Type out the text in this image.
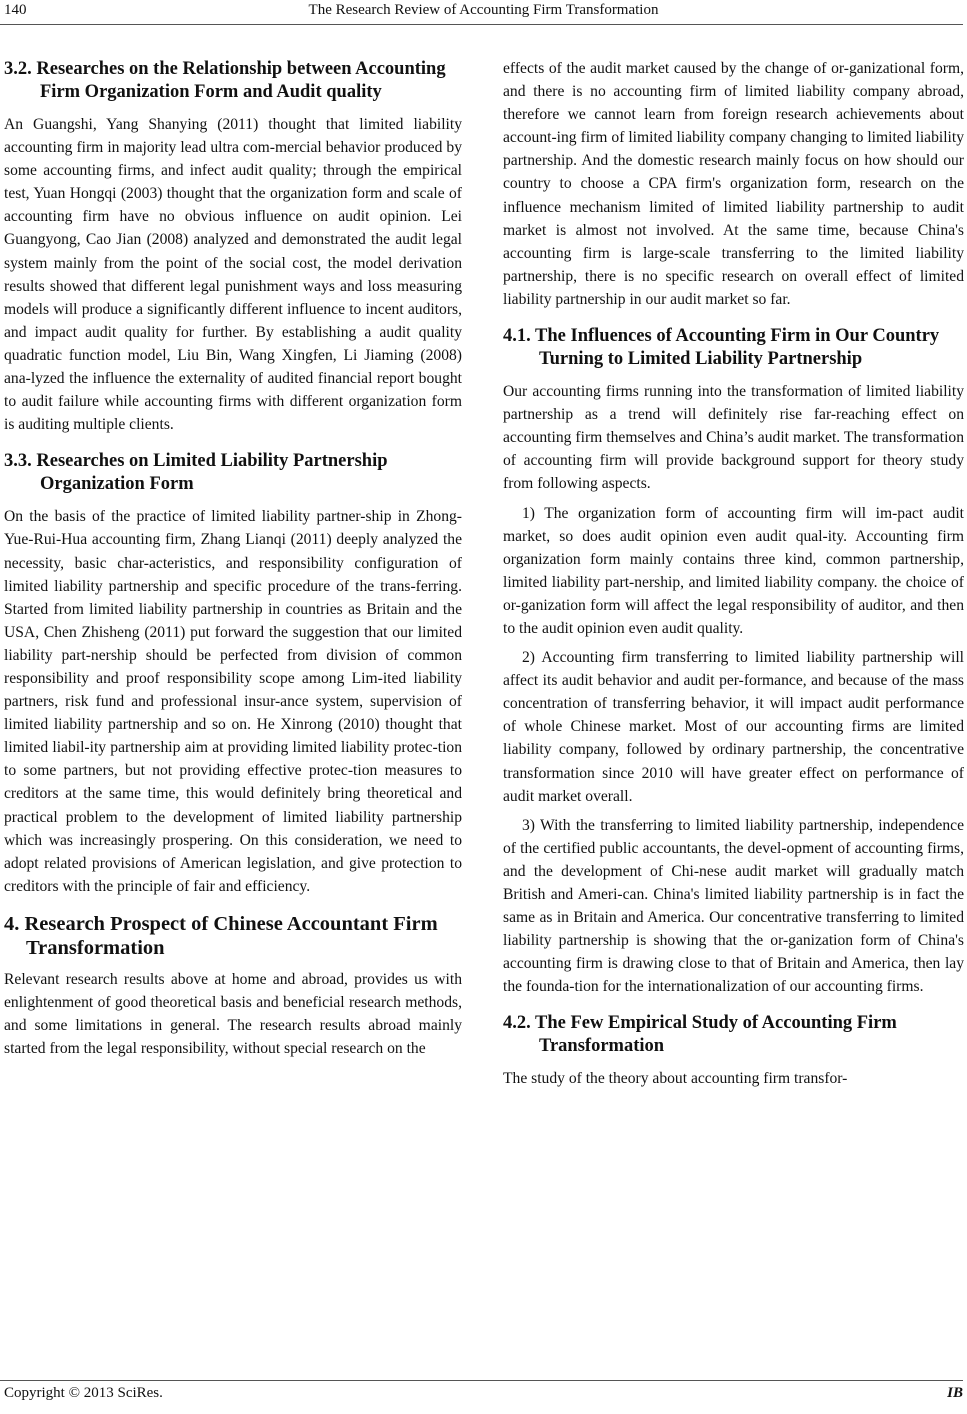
140	The Research Review of Accounting Firm Transformation
3.2. Researches on the Relationship between Accounting Firm Organization Form and Audit quality

An Guangshi, Yang Shanying (2011) thought that limited liability accounting firm in majority lead ultra com-mercial behavior produced by some accounting firms, and infect audit quality; through the empirical test, Yuan Hongqi (2003) thought that the organization form and scale of accounting firm have no obvious influence on audit opinion. Lei Guangyong, Cao Jian (2008) analyzed and demonstrated the audit legal system mainly from the point of the social cost, the model derivation results showed that different legal punishment ways and loss measuring models will produce a significantly different influence to incent auditors, and impact audit quality for further. By establishing a audit quality quadratic function model, Liu Bin, Wang Xingfen, Li Jiaming (2008) ana-lyzed the influence the externality of audited financial report bought to audit failure while accounting firms with different organization form is auditing multiple clients.

3.3. Researches on Limited Liability Partnership Organization Form

On the basis of the practice of limited liability partner-ship in Zhong-Yue-Rui-Hua accounting firm, Zhang Lianqi (2011) deeply analyzed the necessity, basic char-acteristics, and responsibility configuration of limited liability partnership and specific procedure of the trans-ferring. Started from limited liability partnership in countries as Britain and the USA, Chen Zhisheng (2011) put forward the suggestion that our limited liability part-nership should be perfected from division of common responsibility and proof responsibility scope among Lim-ited liability partners, risk fund and professional insur-ance system, supervision of limited liability partnership and so on. He Xinrong (2010) thought that limited liabil-ity partnership aim at providing limited liability protec-tion to some partners, but not providing effective protec-tion measures to creditors at the same time, this would definitely bring theoretical and practical problem to the development of limited liability partnership which was increasingly prospering. On this consideration, we need to adopt related provisions of American legislation, and give protection to creditors with the principle of fair and efficiency.

4. Research Prospect of Chinese Accountant Firm Transformation

Relevant research results above at home and abroad, provides us with enlightenment of good theoretical basis and beneficial research methods, and some limitations in general. The research results abroad mainly started from the legal responsibility, without special research on the

effects of the audit market caused by the change of or-ganizational form, and there is no accounting firm of limited liability company abroad, therefore we cannot learn from foreign research achievements about account-ing firm of limited liability company changing to limited liability partnership. And the domestic research mainly focus on how should our country to choose a CPA firm's organization form, research on the influence mechanism limited of limited liability partnership to audit market is almost not involved. At the same time, because China's accounting firm is large-scale transferring to the limited liability partnership, there is no specific research on overall effect of limited liability partnership in our audit market so far.

4.1. The Influences of Accounting Firm in Our Country Turning to Limited Liability Partnership

Our accounting firms running into the transformation of limited liability partnership as a trend will definitely rise far-reaching effect on accounting firm themselves and China’s audit market. The transformation of accounting firm will provide background support for theory study from following aspects.

1) The organization form of accounting firm will im-pact audit market, so does audit opinion even audit qual-ity. Accounting firm organization form mainly contains three kind, common partnership, limited liability part-nership, and limited liability company. the choice of or-ganization form will affect the legal responsibility of auditor, and then to the audit opinion even audit quality.

2) Accounting firm transferring to limited liability partnership will affect its audit behavior and audit per-formance, and because of the mass concentration of transferring behavior, it will impact audit performance of whole Chinese market. Most of our accounting firms are limited liability company, followed by ordinary partnership, the concentrative transformation since 2010 will have greater effect on performance of audit market overall.

3) With the transferring to limited liability partnership, independence of the certified public accountants, the devel-opment of accounting firms, and the development of Chi-nese audit market will gradually match British and Ameri-can. China's limited liability partnership is in fact the same as in Britain and America. Our concentrative transferring to limited liability partnership is showing that the or-ganization form of China's accounting firm is drawing close to that of Britain and America, then lay the founda-tion for the internationalization of our accounting firms.

4.2. The Few Empirical Study of Accounting Firm Transformation

The study of the theory about accounting firm transfor-

Copyright © 2013 SciRes.	IB
